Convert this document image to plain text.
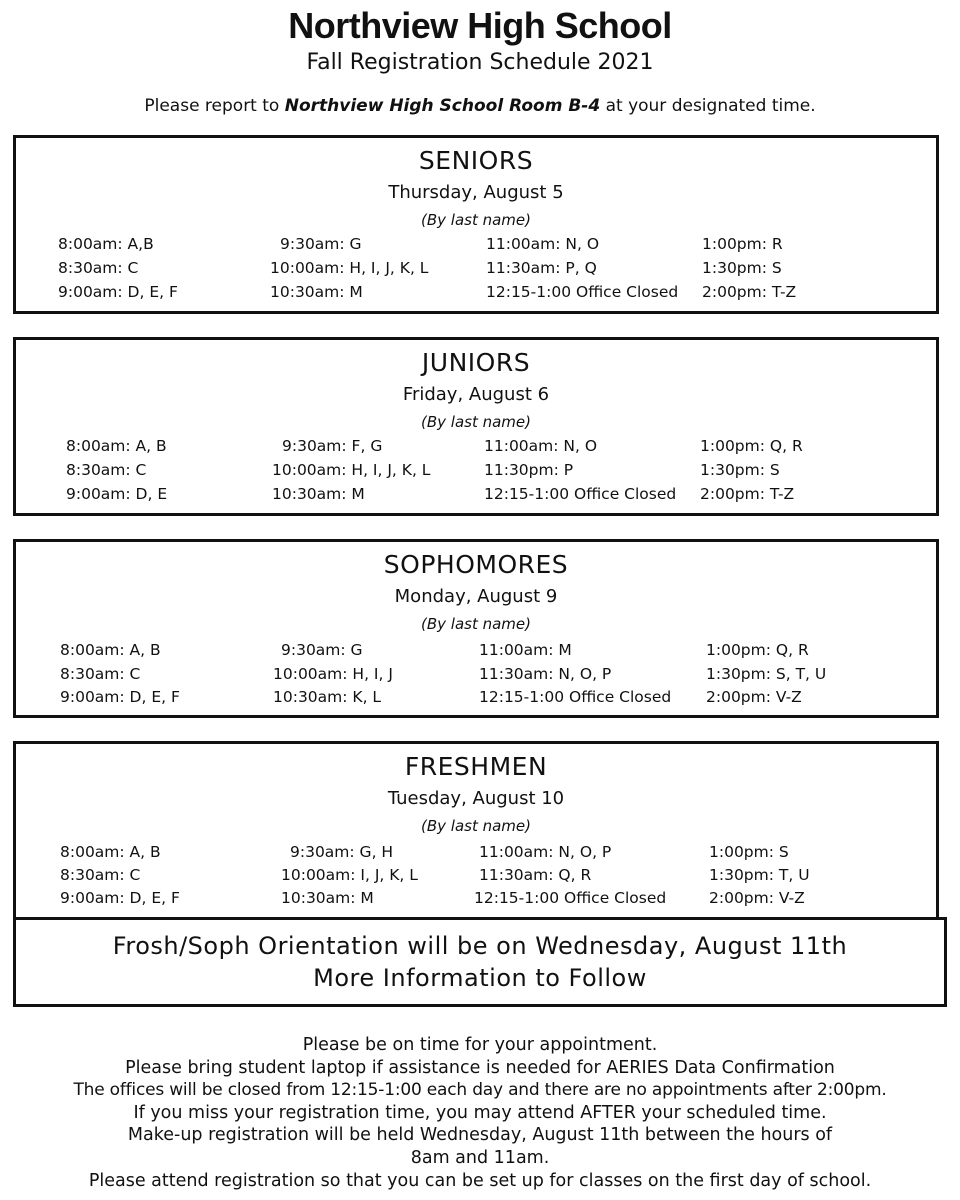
Northview High School
Fall Registration Schedule 2021
Please report to Northview High School Room B-4 at your designated time.
SENIORS
Thursday, August 5
(By last name)
8:00am: A,B	9:30am: G	11:00am: N, O	1:00pm: R
8:30am: C	10:00am: H, I, J, K, L	11:30am: P, Q	1:30pm: S
9:00am: D, E, F	10:30am: M	12:15-1:00 Office Closed 2:00pm: T-Z
JUNIORS
Friday, August 6
(By last name)
8:00am: A, B	9:30am: F, G	11:00am: N, O	1:00pm: Q, R
8:30am: C	10:00am: H, I, J, K, L	11:30pm: P	1:30pm: S
9:00am: D, E	10:30am: M	12:15-1:00 Office Closed 2:00pm: T-Z
SOPHOMORES
Monday, August 9
(By last name)
8:00am: A, B	9:30am: G	11:00am: M	1:00pm: Q, R
8:30am: C	10:00am: H, I, J	11:30am: N, O, P	1:30pm: S, T, U
9:00am: D, E, F	10:30am: K, L	12:15-1:00 Office Closed 2:00pm: V-Z
FRESHMEN
Tuesday, August 10
(By last name)
8:00am: A, B	9:30am: G, H	11:00am: N, O, P	1:00pm: S
8:30am: C	10:00am: I, J, K, L	11:30am: Q, R	1:30pm: T, U
9:00am: D, E, F	10:30am: M	12:15-1:00 Office Closed	2:00pm: V-Z
Frosh/Soph Orientation will be on Wednesday, August 11th
More Information to Follow
Please be on time for your appointment.
Please bring student laptop if assistance is needed for AERIES Data Confirmation
The offices will be closed from 12:15-1:00 each day and there are no appointments after 2:00pm.
If you miss your registration time, you may attend AFTER your scheduled time.
Make-up registration will be held Wednesday, August 11th between the hours of
8am and 11am.
Please attend registration so that you can be set up for classes on the first day of school.
